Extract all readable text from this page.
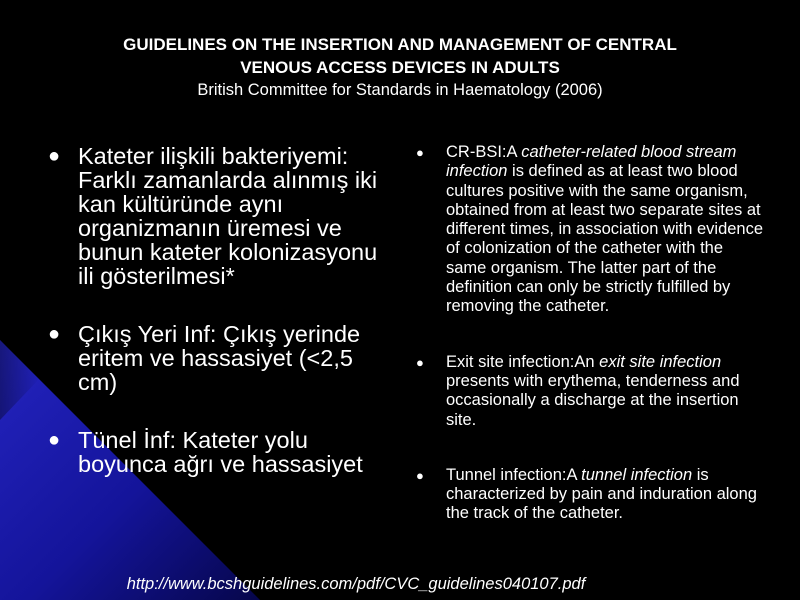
GUIDELINES ON THE INSERTION AND MANAGEMENT OF CENTRAL
VENOUS ACCESS DEVICES IN ADULTS
British Committee for Standards in Haematology (2006)
● Kateter ilişkili bakteriyemi: Farklı zamanlarda alınmış iki kan kültüründe aynı organizmanın üremesi ve bunun kateter kolonizasyonu ili gösterilmesi*
● Çıkış Yeri Inf: Çıkış yerinde eritem ve hassasiyet (<2,5 cm)
● Tünel İnf: Kateter yolu boyunca ağrı ve hassasiyet
●	CR-BSI:A catheter-related blood stream infection is defined as at least two blood cultures positive with the same organism, obtained from at least two separate sites at different times, in association with evidence of colonization of the catheter with the same organism. The latter part of the definition can only be strictly fulfilled by removing the catheter.
●	Exit site infection:An exit site infection presents with erythema, tenderness and occasionally a discharge at the insertion site.
●	Tunnel infection:A tunnel infection is characterized by pain and induration along the track of the catheter.
http://www.bcshguidelines.com/pdf/CVC_guidelines040107.pdf
